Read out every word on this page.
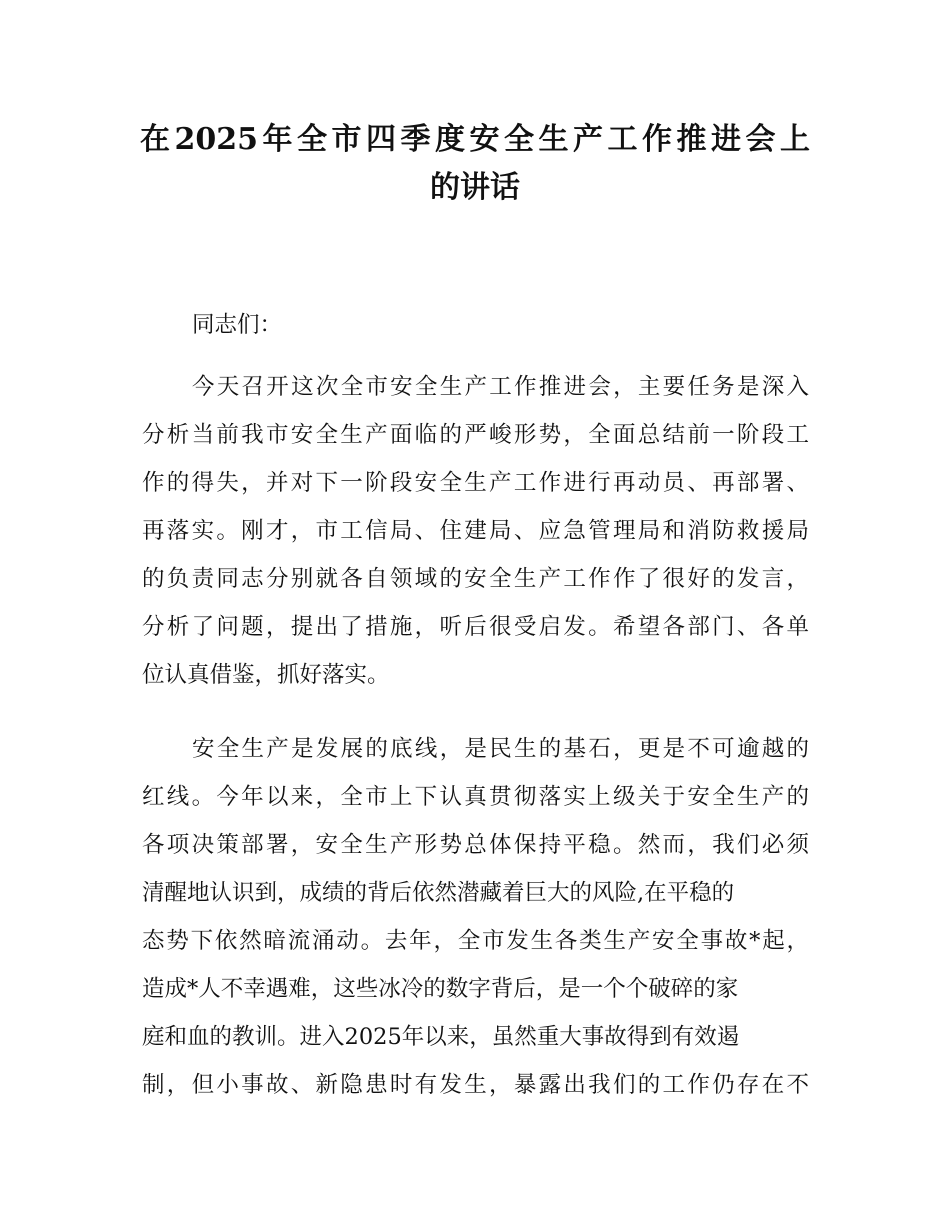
在2025年全市四季度安全生产工作推进会上
的讲话
同志们：
今天召开这次全市安全生产工作推进会，主要任务是深入
分析当前我市安全生产面临的严峻形势，全面总结前一阶段工
作的得失，并对下一阶段安全生产工作进行再动员、再部署、
再落实。刚才，市工信局、住建局、应急管理局和消防救援局
的负责同志分别就各自领域的安全生产工作作了很好的发言，
分析了问题，提出了措施，听后很受启发。希望各部门、各单
位认真借鉴，抓好落实。
安全生产是发展的底线，是民生的基石，更是不可逾越的
红线。今年以来，全市上下认真贯彻落实上级关于安全生产的
各项决策部署，安全生产形势总体保持平稳。然而，我们必须
清醒地认识到，成绩的背后依然潜藏着巨大的风险,在平稳的
态势下依然暗流涌动。去年，全市发生各类生产安全事故*起，
造成*人不幸遇难，这些冰冷的数字背后，是一个个破碎的家
庭和血的教训。进入2025年以来，虽然重大事故得到有效遏
制，但小事故、新隐患时有发生，暴露出我们的工作仍存在不
